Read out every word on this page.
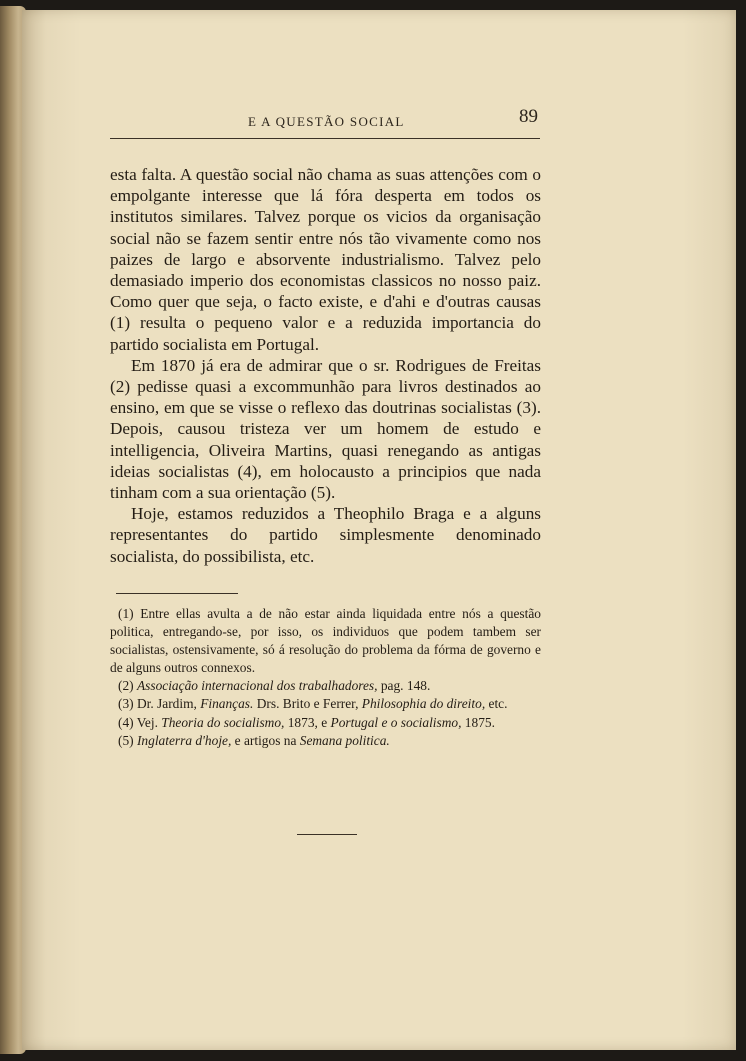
E A QUESTÃO SOCIAL	89

esta falta. A questão social não chama as suas attenções com o empolgante interesse que lá fóra desperta em todos os institutos similares. Talvez porque os vicios da organisação social não se fazem sentir entre nós tão vivamente como nos paizes de largo e absorvente industrialismo. Talvez pelo demasiado imperio dos economistas classicos no nosso paiz. Como quer que seja, o facto existe, e d'ahi e d'outras causas (1) resulta o pequeno valor e a reduzida importancia do partido socialista em Portugal.

Em 1870 já era de admirar que o sr. Rodrigues de Freitas (2) pedisse quasi a excommunhão para livros destinados ao ensino, em que se visse o reflexo das doutrinas socialistas (3). Depois, causou tristeza ver um homem de estudo e intelligencia, Oliveira Martins, quasi renegando as antigas ideias socialistas (4), em holocausto a principios que nada tinham com a sua orientação (5).

Hoje, estamos reduzidos a Theophilo Braga e a alguns representantes do partido simplesmente denominado socialista, do possibilista, etc.

(1) Entre ellas avulta a de não estar ainda liquidada entre nós a questão politica, entregando-se, por isso, os individuos que podem tambem ser socialistas, ostensivamente, só á resolução do problema da fórma de governo e de alguns outros connexos.

(2) Associação internacional dos trabalhadores, pag. 148.

(3) Dr. Jardim, Finanças. Drs. Brito e Ferrer, Philosophia do direito, etc.

(4) Vej. Theoria do socialismo, 1873, e Portugal e o socialismo, 1875.

(5) Inglaterra d'hoje, e artigos na Semana politica.
